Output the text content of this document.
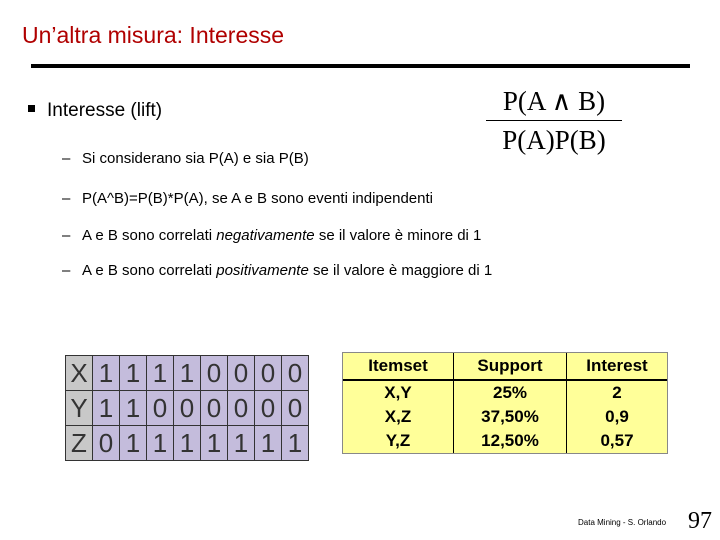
Un’altra misura: Interesse
Interesse (lift)	P(A ∧ B)
P(A)P(B)
– Si considerano sia P(A) e sia P(B)
– P(A^B)=P(B)*P(A), se A e B sono eventi indipendenti
– A e B sono correlati negativamente se il valore è minore di 1
– A e B sono correlati positivamente se il valore è maggiore di 1
X	1	1	1	1	0	0	0	0
Y	1	1	0	0	0	0	0	0
Z	0	1	1	1	1	1	1	1
Itemset	Support	Interest
X,Y	25%	2
X,Z	37,50%	0,9
Y,Z	12,50%	0,57
Data Mining - S. Orlando 97
